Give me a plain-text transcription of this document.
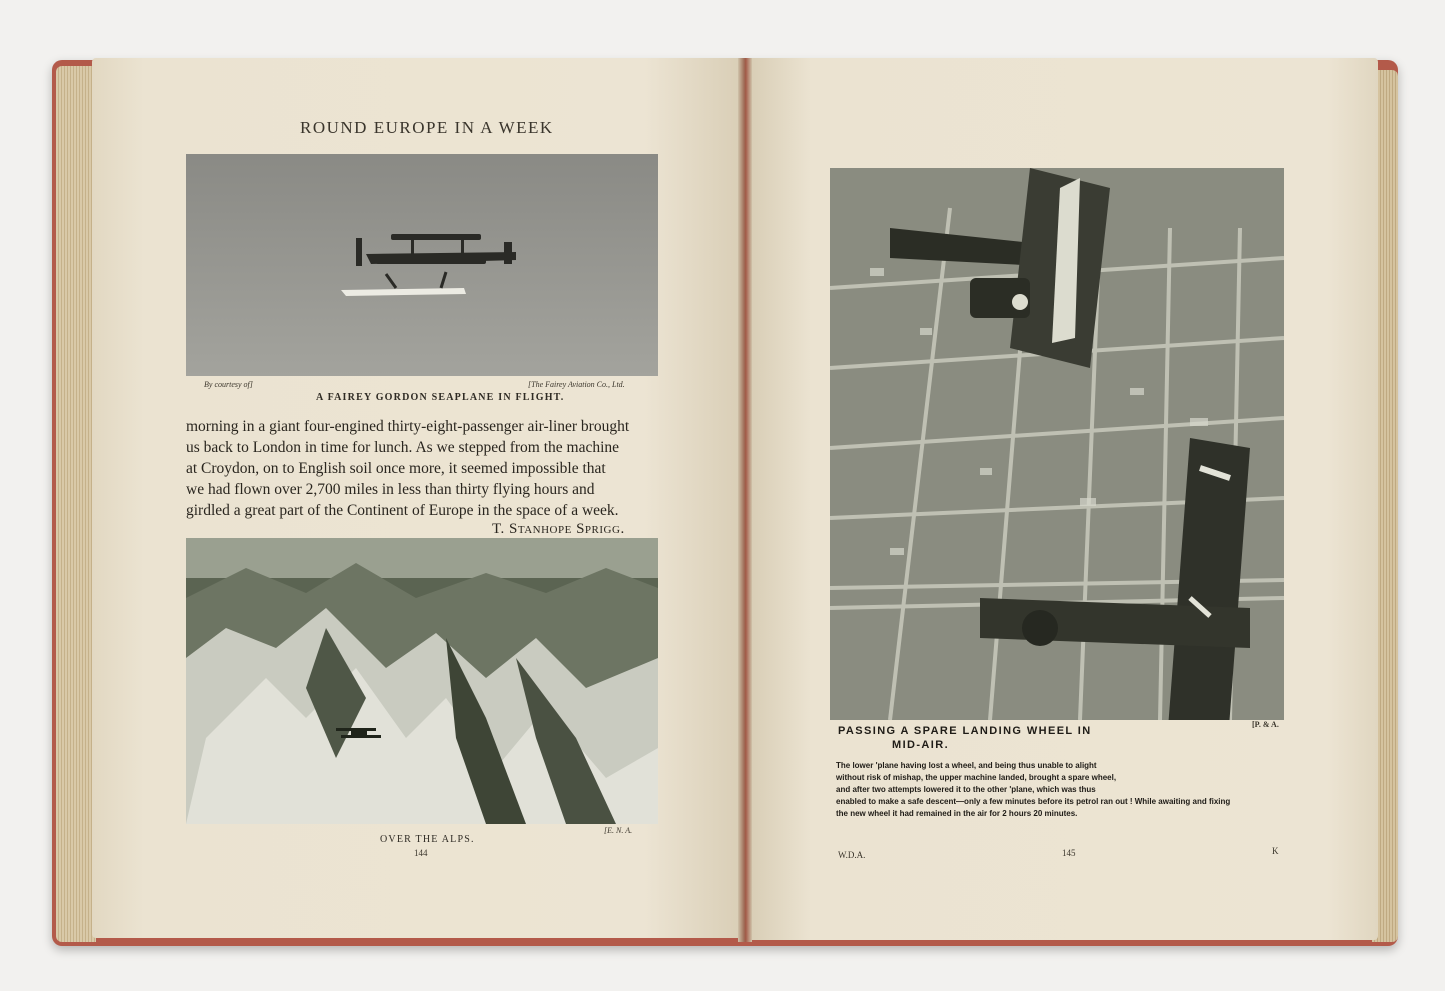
ROUND EUROPE IN A WEEK
By courtesy of]	[The Fairey Aviation Co., Ltd.
A FAIREY GORDON SEAPLANE IN FLIGHT.
morning in a giant four-engined thirty-eight-passenger air-liner brought
us back to London in time for lunch. As we stepped from the machine
at Croydon, on to English soil once more, it seemed impossible that
we had flown over 2,700 miles in less than thirty flying hours and
girdled a great part of the Continent of Europe in the space of a week.
T. Stanhope Sprigg.
OVER THE ALPS.
[E. N. A.
144
[P. & A.
PASSING A SPARE LANDING WHEEL IN
MID-AIR.
The lower 'plane having lost a wheel, and being thus unable to alight
without risk of mishap, the upper machine landed, brought a spare wheel,
and after two attempts lowered it to the other 'plane, which was thus
enabled to make a safe descent—only a few minutes before its petrol ran out ! While awaiting and fixing
the new wheel it had remained in the air for 2 hours 20 minutes.
W.D.A.	145	K
